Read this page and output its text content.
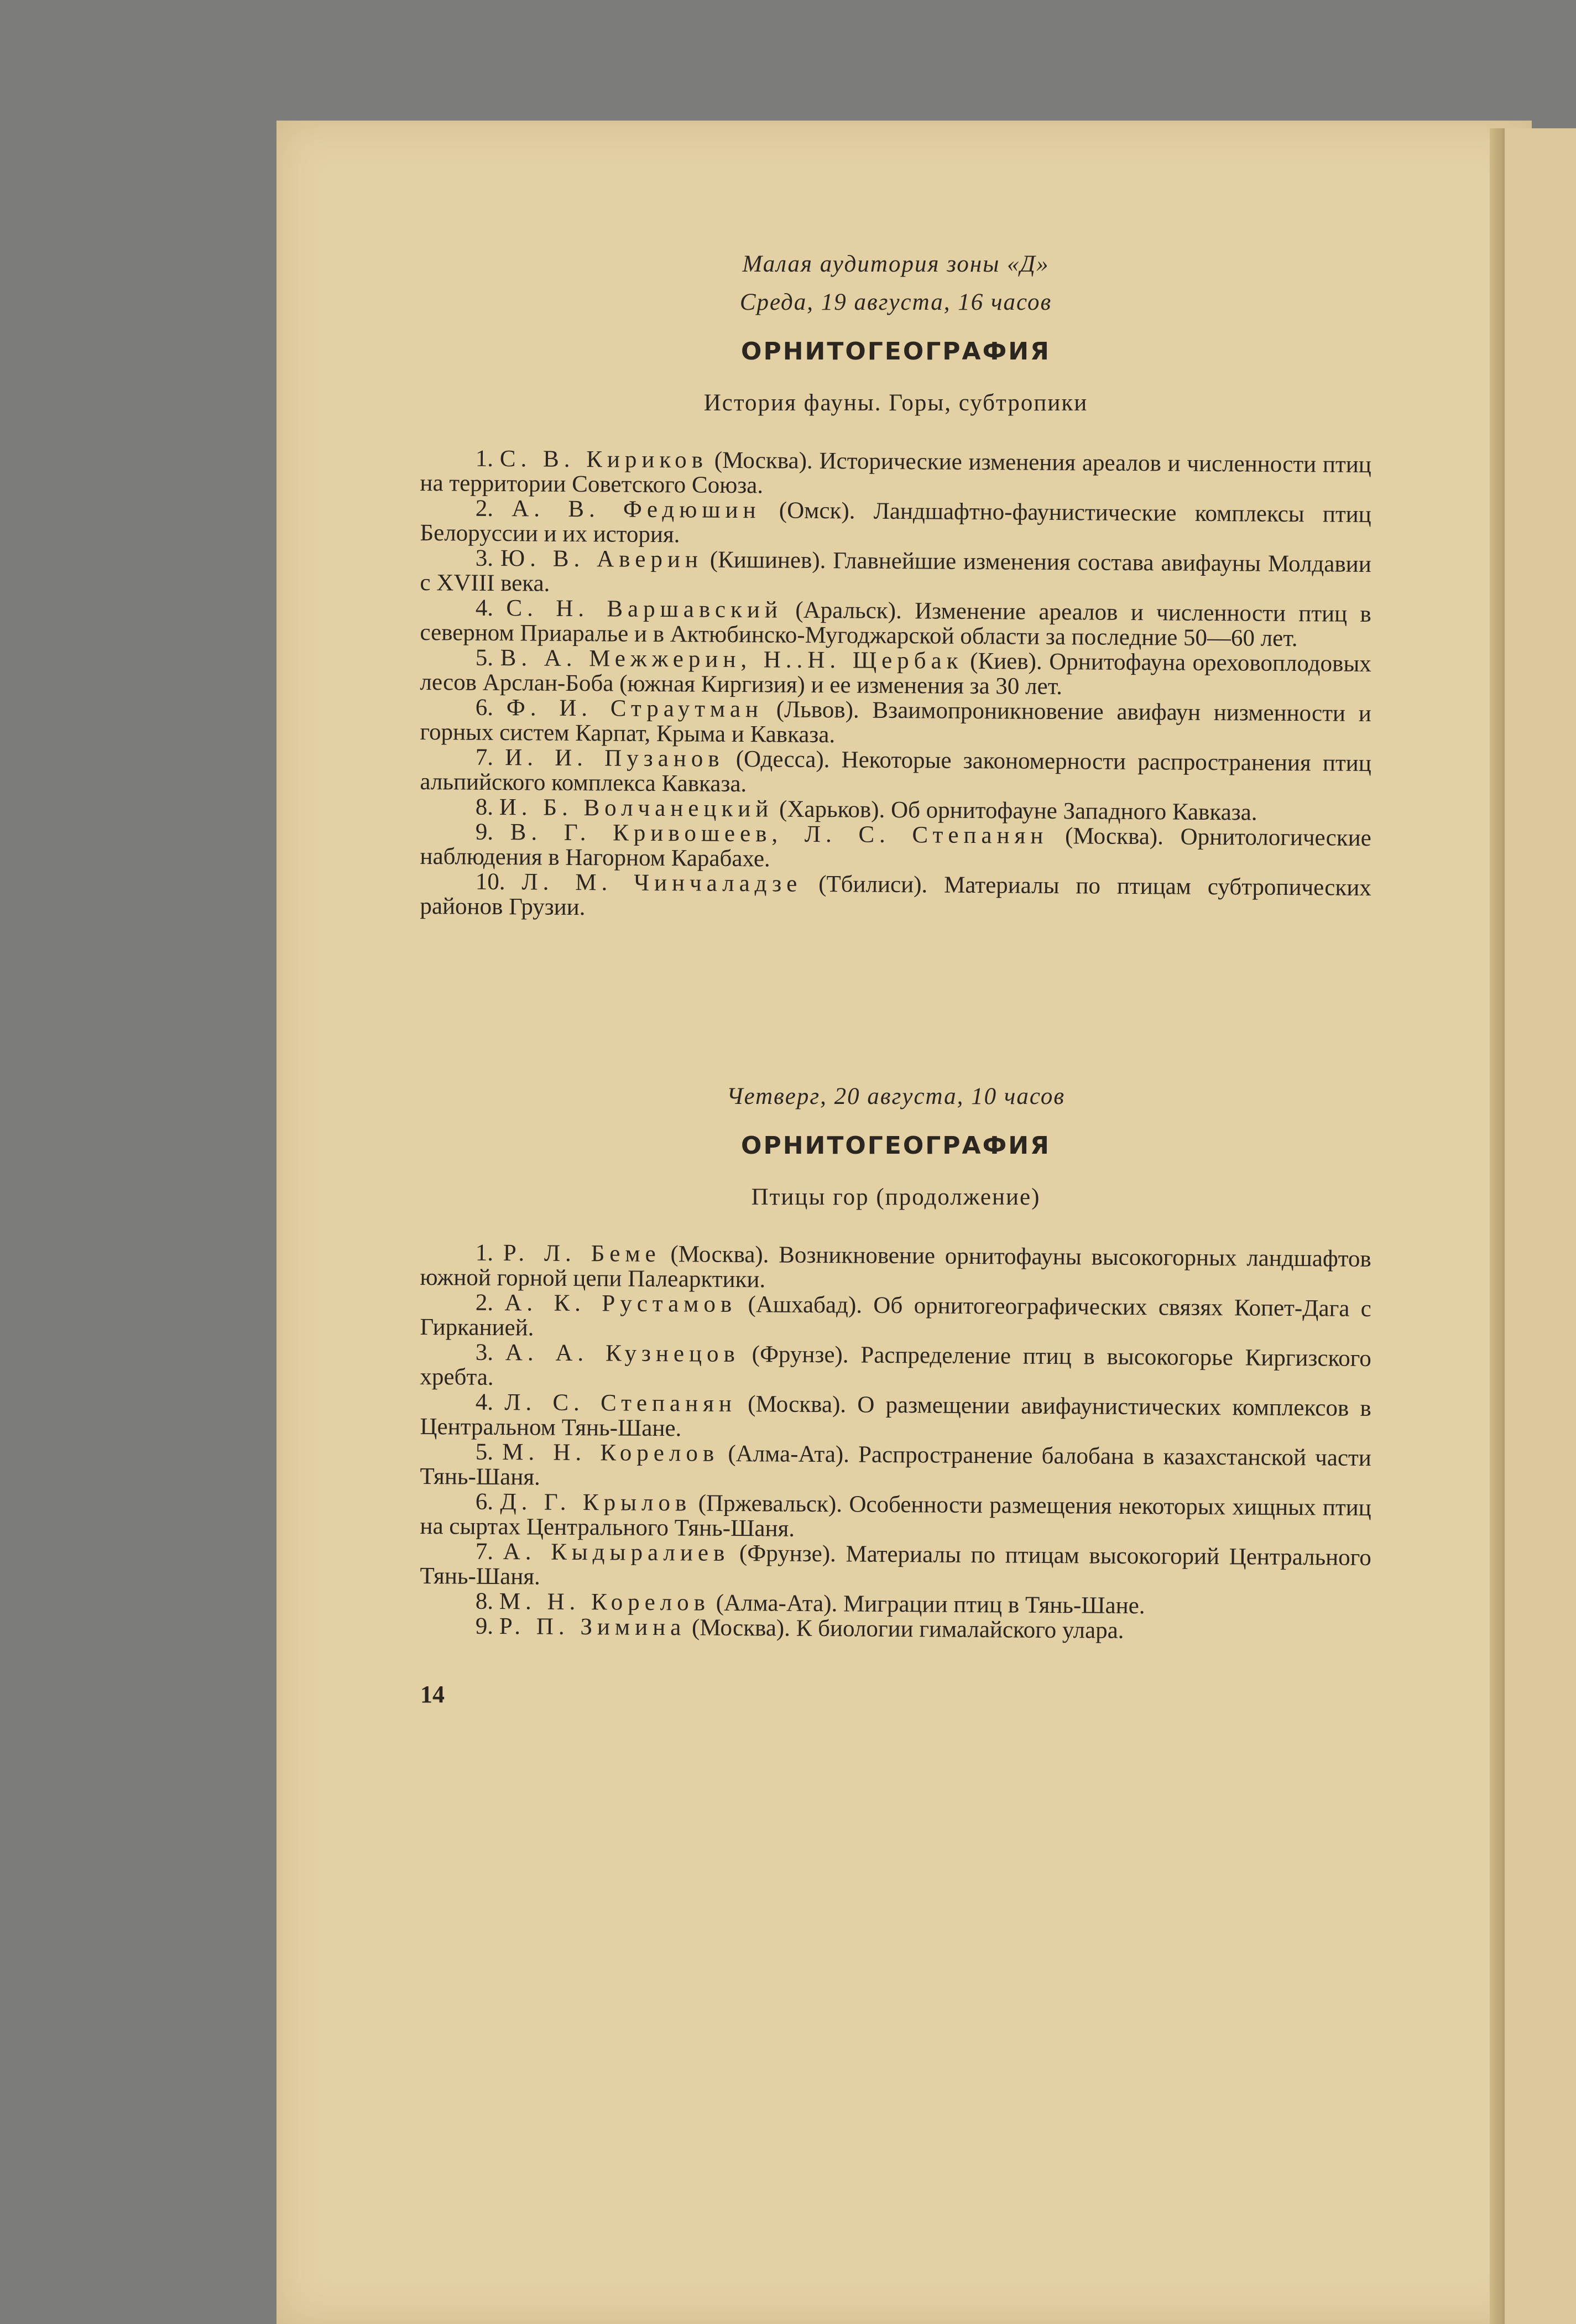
Малая аудитория зоны «Д»

Среда, 19 августа, 16 часов

ОРНИТОГЕОГРАФИЯ

История фауны. Горы, субтропики

1. С. В. Кириков (Москва). Исторические изменения ареалов и численности птиц на территории Советского Союза.
2. А. В. Федюшин (Омск). Ландшафтно-фаунистические комплексы птиц Белоруссии и их история.
3. Ю. В. Аверин (Кишинев). Главнейшие изменения состава авифауны Молдавии с XVIII века.
4. С. Н. Варшавский (Аральск). Изменение ареалов и численности птиц в северном Приаралье и в Актюбинско-Мугоджарской области за последние 50—60 лет.
5. В. А. Межжерин, Н..Н. Щербак (Киев). Орнитофауна ореховоплодовых лесов Арслан-Боба (южная Киргизия) и ее изменения за 30 лет.
6. Ф. И. Страутман (Львов). Взаимопроникновение авифаун низменности и горных систем Карпат, Крыма и Кавказа.
7. И. И. Пузанов (Одесса). Некоторые закономерности распространения птиц альпийского комплекса Кавказа.
8. И. Б. Волчанецкий (Харьков). Об орнитофауне Западного Кавказа.
9. В. Г. Кривошеев, Л. С. Степанян (Москва). Орнитологические наблюдения в Нагорном Карабахе.
10. Л. М. Чинчаладзе (Тбилиси). Материалы по птицам субтропических районов Грузии.

Четверг, 20 августа, 10 часов

ОРНИТОГЕОГРАФИЯ

Птицы гор (продолжение)

1. Р. Л. Беме (Москва). Возникновение орнитофауны высокогорных ландшафтов южной горной цепи Палеарктики.
2. А. К. Рустамов (Ашхабад). Об орнитогеографических связях Копет-Дага с Гирканией.
3. А. А. Кузнецов (Фрунзе). Распределение птиц в высокогорье Киргизского хребта.
4. Л. С. Степанян (Москва). О размещении авифаунистических комплексов в Центральном Тянь-Шане.
5. М. Н. Корелов (Алма-Ата). Распространение балобана в казахстанской части Тянь-Шаня.
6. Д. Г. Крылов (Пржевальск). Особенности размещения некоторых хищных птиц на сыртах Центрального Тянь-Шаня.
7. А. Кыдыралиев (Фрунзе). Материалы по птицам высокогорий Центрального Тянь-Шаня.
8. М. Н. Корелов (Алма-Ата). Миграции птиц в Тянь-Шане.
9. Р. П. Зимина (Москва). К биологии гималайского улара.
14
